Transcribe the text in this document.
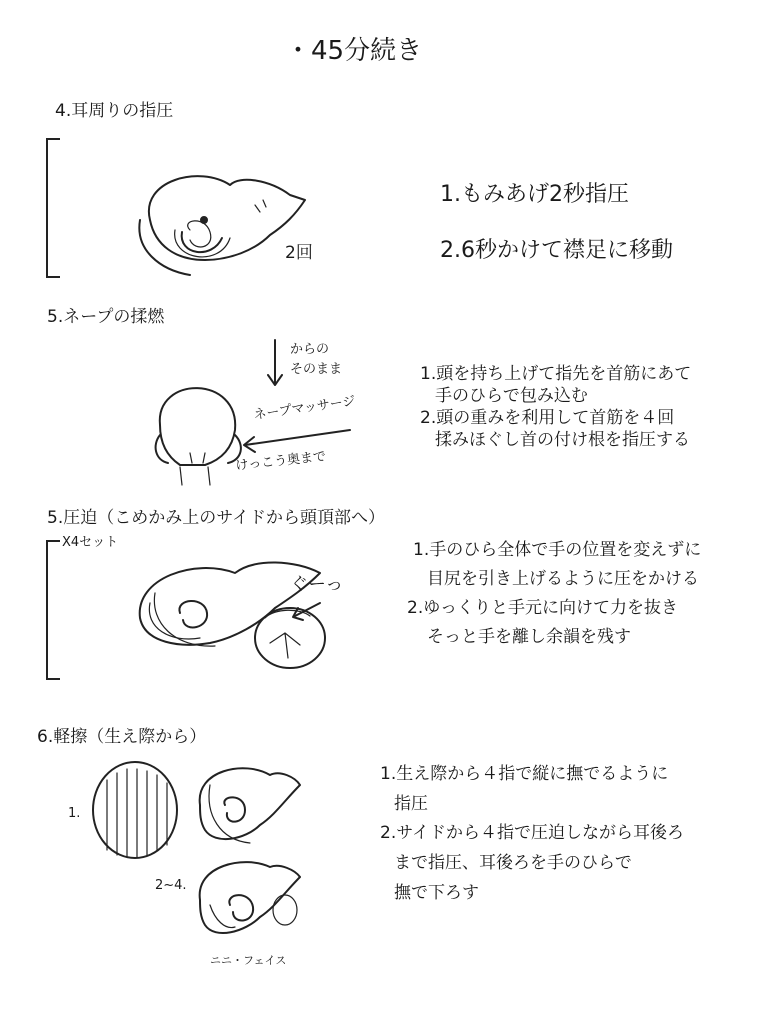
・45分続き
4.耳周りの指圧
2回
1.もみあげ2秒指圧
2.6秒かけて襟足に移動
5.ネープの揉燃
からの
そのまま
ネープマッサージ
けっこう奥まで
1.頭を持ち上げて指先を首筋にあて
手のひらで包み込む
2.頭の重みを利用して首筋を４回
揉みほぐし首の付け根を指圧する
5.圧迫（こめかみ上のサイドから頭頂部へ）
X4セット
ぐーっ
1.手のひら全体で手の位置を変えずに
目尻を引き上げるように圧をかける
2.ゆっくりと手元に向けて力を抜き
そっと手を離し余韻を残す
6.軽擦（生え際から）
1.
2~4.
ニニ・フェイス
1.生え際から４指で縦に撫でるように
指圧
2.サイドから４指で圧迫しながら耳後ろ
まで指圧、耳後ろを手のひらで
撫で下ろす
